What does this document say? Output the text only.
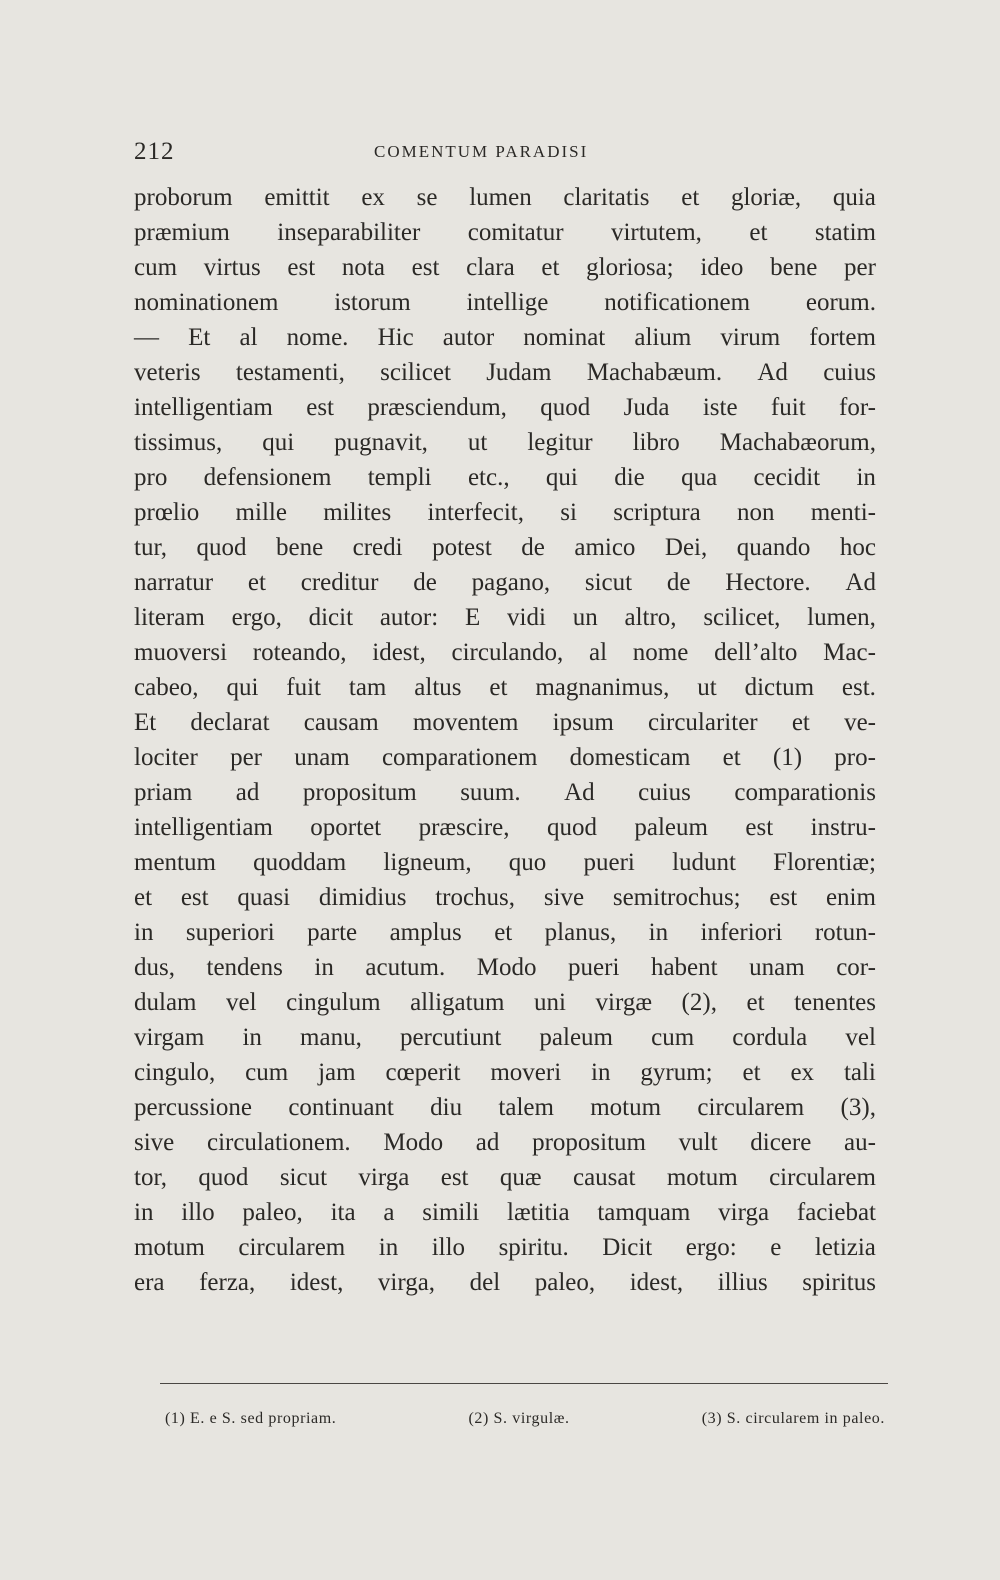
212	COMENTUM PARADISI
proborum emittit ex se lumen claritatis et gloriæ, quia
præmium inseparabiliter comitatur virtutem, et statim
cum virtus est nota est clara et gloriosa; ideo bene per
nominationem istorum intellige notificationem eorum.
— Et al nome. Hic autor nominat alium virum fortem
veteris testamenti, scilicet Judam Machabæum. Ad cuius
intelligentiam est præsciendum, quod Juda iste fuit for-
tissimus, qui pugnavit, ut legitur libro Machabæorum,
pro defensionem templi etc., qui die qua cecidit in
prœlio mille milites interfecit, si scriptura non menti-
tur, quod bene credi potest de amico Dei, quando hoc
narratur et creditur de pagano, sicut de Hectore. Ad
literam ergo, dicit autor: E vidi un altro, scilicet, lumen,
muoversi roteando, idest, circulando, al nome dell’alto Mac-
cabeo, qui fuit tam altus et magnanimus, ut dictum est.
Et declarat causam moventem ipsum circulariter et ve-
lociter per unam comparationem domesticam et (1) pro-
priam ad propositum suum. Ad cuius comparationis
intelligentiam oportet præscire, quod paleum est instru-
mentum quoddam ligneum, quo pueri ludunt Florentiæ;
et est quasi dimidius trochus, sive semitrochus; est enim
in superiori parte amplus et planus, in inferiori rotun-
dus, tendens in acutum. Modo pueri habent unam cor-
dulam vel cingulum alligatum uni virgæ (2), et tenentes
virgam in manu, percutiunt paleum cum cordula vel
cingulo, cum jam cœperit moveri in gyrum; et ex tali
percussione continuant diu talem motum circularem (3),
sive circulationem. Modo ad propositum vult dicere au-
tor, quod sicut virga est quæ causat motum circularem
in illo paleo, ita a simili lætitia tamquam virga faciebat
motum circularem in illo spiritu. Dicit ergo: e letizia
era ferza, idest, virga, del paleo, idest, illius spiritus
(1) E. e S. sed propriam.	(2) S. virgulæ.	(3) S. circularem in paleo.
